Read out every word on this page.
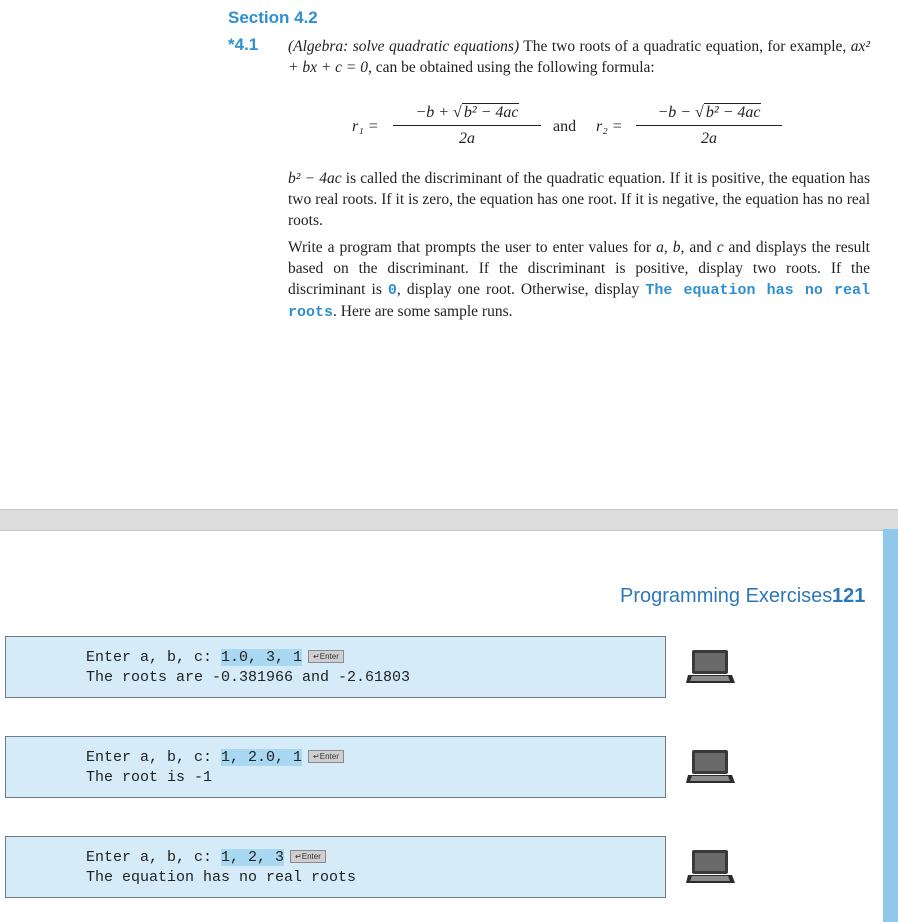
Section 4.2
*4.1 (Algebra: solve quadratic equations) The two roots of a quadratic equation, for example, ax² + bx + c = 0, can be obtained using the following formula:

$r_1 = \frac{\text{−b + √ b² − 4ac}}{2a}$ and $r_2 = \frac{\text{−b − √ b² − 4ac}}{2a}$

b² − 4ac is called the discriminant of the quadratic equation. If it is positive, the equation has two real roots. If it is zero, the equation has one root. If it is negative, the equation has no real roots.

Write a program that prompts the user to enter values for a, b, and c and displays the result based on the discriminant. If the discriminant is positive, display two roots. If the discriminant is 0, display one root. Otherwise, display The equation has no real roots. Here are some sample runs.

Programming Exercises 121
Enter a, b, c: 1.0, 3, 1 ↵Enter
The roots are -0.381966 and -2.61803
Enter a, b, c: 1, 2.0, 1 ↵Enter
The root is -1
Enter a, b, c: 1, 2, 3 ↵Enter
The equation has no real roots
